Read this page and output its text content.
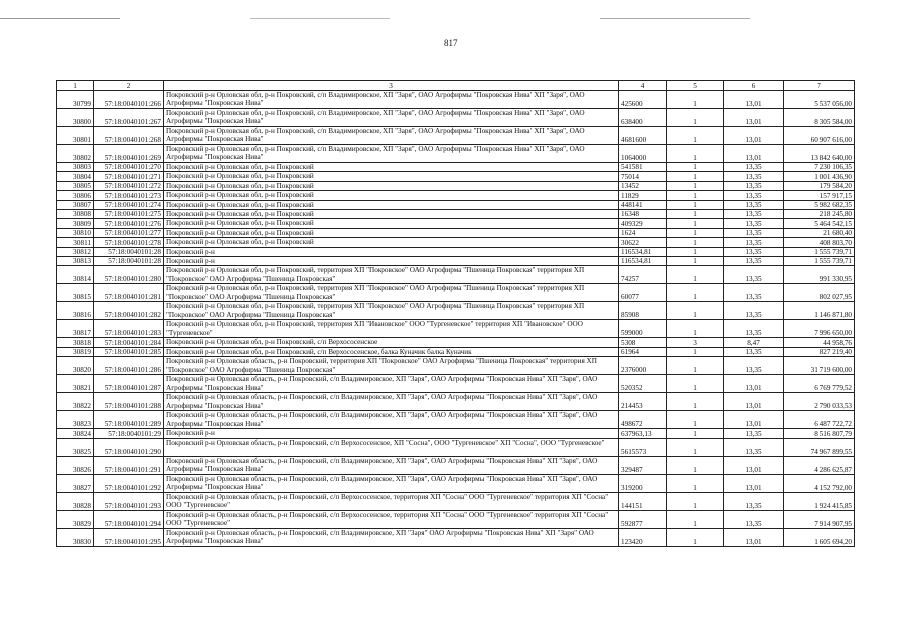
817
1	2	3	4	5	6	7
30799	57:18:0040101:266	Покровский р-н Орловская обл, р-н Покровский, с/п Владимировское, ХП "Заря", ОАО Агрофирмы "Покровская Нива" ХП "Заря", ОАО Агрофирмы "Покровская Нива"	425600	1	13,01	5 537 056,00
30800	57:18:0040101:267	Покровский р-н Орловская обл, р-н Покровский, с/п Владимировское, ХП "Заря", ОАО Агрофирмы "Покровская Нива" ХП "Заря", ОАО Агрофирмы "Покровская Нива"	638400	1	13,01	8 305 584,00
30801	57:18:0040101:268	Покровский р-н Орловская обл, р-н Покровский, с/п Владимировское, ХП "Заря", ОАО Агрофирмы "Покровская Нива" ХП "Заря", ОАО Агрофирмы "Покровская Нива"	4681600	1	13,01	60 907 616,00
30802	57:18:0040101:269	Покровский р-н Орловская обл, р-н Покровский, с/п Владимировское, ХП "Заря", ОАО Агрофирмы "Покровская Нива" ХП "Заря", ОАО Агрофирмы "Покровская Нива"	1064000	1	13,01	13 842 640,00
30803	57:18:0040101:270	Покровский р-н Орловская обл, р-н Покровский	541581	1	13,35	7 230 106,35
30804	57:18:0040101:271	Покровский р-н Орловская обл, р-н Покровский	75014	1	13,35	1 001 436,90
30805	57:18:0040101:272	Покровский р-н Орловская обл, р-н Покровский	13452	1	13,35	179 584,20
30806	57:18:0040101:273	Покровский р-н Орловская обл, р-н Покровский	11829	1	13,35	157 917,15
30807	57:18:0040101:274	Покровский р-н Орловская обл, р-н Покровский	448141	1	13,35	5 982 682,35
30808	57:18:0040101:275	Покровский р-н Орловская обл, р-н Покровский	16348	1	13,35	218 245,80
30809	57:18:0040101:276	Покровский р-н Орловская обл, р-н Покровский	409329	1	13,35	5 464 542,15
30810	57:18:0040101:277	Покровский р-н Орловская обл, р-н Покровский	1624	1	13,35	21 680,40
30811	57:18:0040101:278	Покровский р-н Орловская обл, р-н Покровский	30622	1	13,35	408 803,70
30812	57:18:0040101:28	Покровский р-н	116534,81	1	13,35	1 555 739,71
30813	57:18:0040101:28	Покровский р-н	116534,81	1	13,35	1 555 739,71
30814	57:18:0040101:280	Покровский р-н Орловская обл, р-н Покровский, территория ХП "Покровское" ОАО Агрофирма "Пшеница Покровская" территория ХП "Покровское" ОАО Агрофирма "Пшеница Покровская"	74257	1	13,35	991 330,95
30815	57:18:0040101:281	Покровский р-н Орловская обл, р-н Покровский, территория ХП "Покровское" ОАО Агрофирма "Пшеница Покровская" территория ХП "Покровское" ОАО Агрофирма "Пшеница Покровская"	60077	1	13,35	802 027,95
30816	57:18:0040101:282	Покровский р-н Орловская обл, р-н Покровский, территория ХП "Покровское" ОАО Агрофирма "Пшеница Покровская" территория ХП "Покровское" ОАО Агрофирма "Пшеница Покровская"	85908	1	13,35	1 146 871,80
30817	57:18:0040101:283	Покровский р-н Орловская обл, р-н Покровский, территория ХП "Ивановское" ООО "Тургеневское" территория ХП "Ивановское" ООО "Тургеневское"	599000	1	13,35	7 996 650,00
30818	57:18:0040101:284	Покровский р-н Орловская обл, р-н Покровский, с/п Верхососенское	5308	3	8,47	44 958,76
30819	57:18:0040101:285	Покровский р-н Орловская обл, р-н Покровский, с/п Верхососенское, балка Куначик балка Куначик	61964	1	13,35	827 219,40
30820	57:18:0040101:286	Покровский р-н Орловская область, р-н Покровский, территория ХП "Покровское" ОАО Агрофирма "Пшеница Покровская" территория ХП "Покровское" ОАО Агрофирма "Пшеница Покровская"	2376000	1	13,35	31 719 600,00
30821	57:18:0040101:287	Покровский р-н Орловская область, р-н Покровский, с/п Владимировское, ХП "Заря", ОАО Агрофирмы "Покровская Нива" ХП "Заря", ОАО Агрофирмы "Покровская Нива"	520352	1	13,01	6 769 779,52
30822	57:18:0040101:288	Покровский р-н Орловская область, р-н Покровский, с/п Владимировское, ХП "Заря", ОАО Агрофирмы "Покровская Нива" ХП "Заря", ОАО Агрофирмы "Покровская Нива"	214453	1	13,01	2 790 033,53
30823	57:18:0040101:289	Покровский р-н Орловская область, р-н Покровский, с/п Владимировское, ХП "Заря", ОАО Агрофирмы "Покровская Нива" ХП "Заря", ОАО Агрофирмы "Покровская Нива"	498672	1	13,01	6 487 722,72
30824	57:18:0040101:29	Покровский р-н	637963,13	1	13,35	8 516 807,79
30825	57:18:0040101:290	Покровский р-н Орловская область, р-н Покровский, с/п Верхососенское, ХП "Сосна", ООО "Тургеневское" ХП "Сосна", ООО "Тургеневское"	5615573	1	13,35	74 967 899,55
30826	57:18:0040101:291	Покровский р-н Орловская область, р-н Покровский, с/п Владимировское, ХП "Заря", ОАО Агрофирмы "Покровская Нива" ХП "Заря", ОАО Агрофирмы "Покровская Нива"	329487	1	13,01	4 286 625,87
30827	57:18:0040101:292	Покровский р-н Орловская область, р-н Покровский, с/п Владимировское, ХП "Заря", ОАО Агрофирмы "Покровская Нива" ХП "Заря", ОАО Агрофирмы "Покровская Нива"	319200	1	13,01	4 152 792,00
30828	57:18:0040101:293	Покровский р-н Орловская область, р-н Покровский, с/п Верхососенское, территория ХП "Сосна" ООО "Тургеневское" территория ХП "Сосна" ООО "Тургеневское"	144151	1	13,35	1 924 415,85
30829	57:18:0040101:294	Покровский р-н Орловская область, р-н Покровский, с/п Верхососенское, территория ХП "Сосна" ООО "Тургеневское" территория ХП "Сосна" ООО "Тургеневское"	592877	1	13,35	7 914 907,95
30830	57:18:0040101:295	Покровский р-н Орловская область, р-н Покровский, с/п Владимировское, ХП "Заря" ОАО Агрофирмы "Покровская Нива" ХП "Заря" ОАО Агрофирмы "Покровская Нива"	123420	1	13,01	1 605 694,20
